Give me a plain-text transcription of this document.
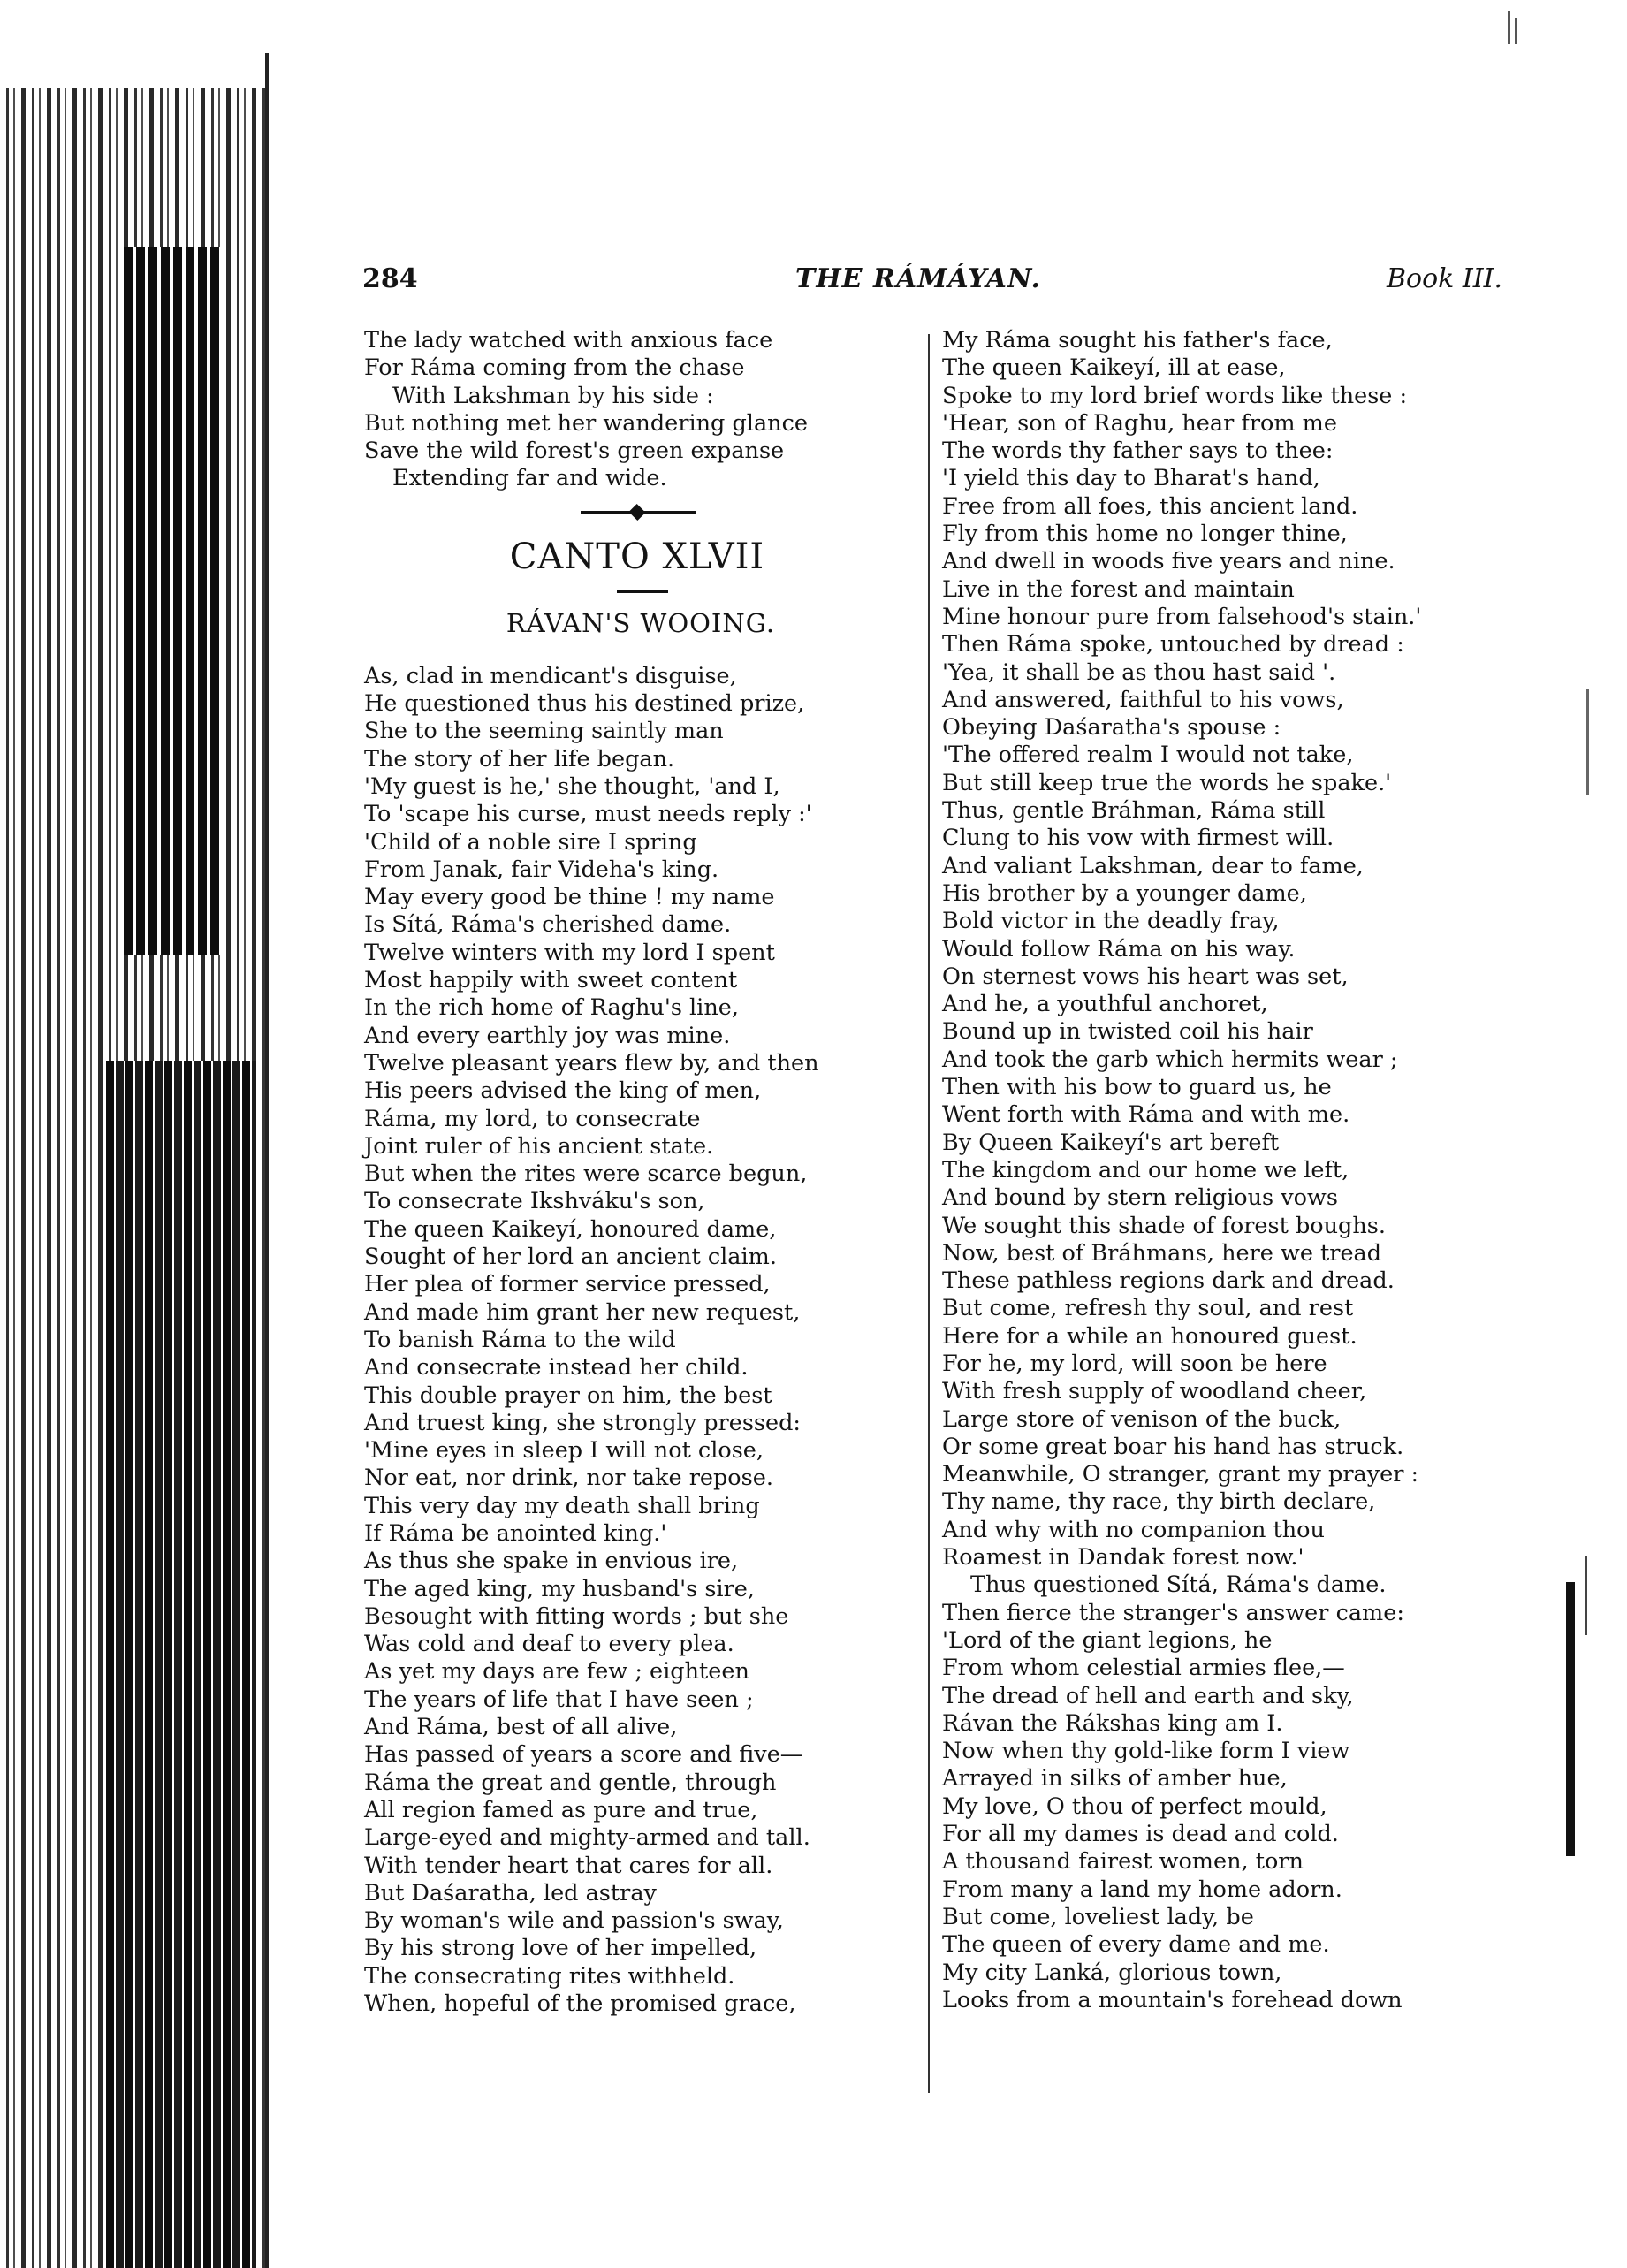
284	THE RÁMÁYAN.	Book III.
The lady watched with anxious face
For Ráma coming from the chase
With Lakshman by his side :
But nothing met her wandering glance
Save the wild forest's green expanse
Extending far and wide.
CANTO XLVII
RÁVAN'S WOOING.
As, clad in mendicant's disguise,
He questioned thus his destined prize,
She to the seeming saintly man
The story of her life began.
'My guest is he,' she thought, 'and I,
To 'scape his curse, must needs reply :'
'Child of a noble sire I spring
From Janak, fair Videha's king.
May every good be thine ! my name
Is Sítá, Ráma's cherished dame.
Twelve winters with my lord I spent
Most happily with sweet content
In the rich home of Raghu's line,
And every earthly joy was mine.
Twelve pleasant years flew by, and then
His peers advised the king of men,
Ráma, my lord, to consecrate
Joint ruler of his ancient state.
But when the rites were scarce begun,
To consecrate Ikshváku's son,
The queen Kaikeyí, honoured dame,
Sought of her lord an ancient claim.
Her plea of former service pressed,
And made him grant her new request,
To banish Ráma to the wild
And consecrate instead her child.
This double prayer on him, the best
And truest king, she strongly pressed:
'Mine eyes in sleep I will not close,
Nor eat, nor drink, nor take repose.
This very day my death shall bring
If Ráma be anointed king.'
As thus she spake in envious ire,
The aged king, my husband's sire,
Besought with fitting words ; but she
Was cold and deaf to every plea.
As yet my days are few ; eighteen
The years of life that I have seen ;
And Ráma, best of all alive,
Has passed of years a score and five—
Ráma the great and gentle, through
All region famed as pure and true,
Large-eyed and mighty-armed and tall.
With tender heart that cares for all.
But Daśaratha, led astray
By woman's wile and passion's sway,
By his strong love of her impelled,
The consecrating rites withheld.
When, hopeful of the promised grace,
My Ráma sought his father's face,
The queen Kaikeyí, ill at ease,
Spoke to my lord brief words like these :
'Hear, son of Raghu, hear from me
The words thy father says to thee:
'I yield this day to Bharat's hand,
Free from all foes, this ancient land.
Fly from this home no longer thine,
And dwell in woods five years and nine.
Live in the forest and maintain
Mine honour pure from falsehood's stain.'
Then Ráma spoke, untouched by dread :
'Yea, it shall be as thou hast said '.
And answered, faithful to his vows,
Obeying Daśaratha's spouse :
'The offered realm I would not take,
But still keep true the words he spake.'
Thus, gentle Bráhman, Ráma still
Clung to his vow with firmest will.
And valiant Lakshman, dear to fame,
His brother by a younger dame,
Bold victor in the deadly fray,
Would follow Ráma on his way.
On sternest vows his heart was set,
And he, a youthful anchoret,
Bound up in twisted coil his hair
And took the garb which hermits wear ;
Then with his bow to guard us, he
Went forth with Ráma and with me.
By Queen Kaikeyí's art bereft
The kingdom and our home we left,
And bound by stern religious vows
We sought this shade of forest boughs.
Now, best of Bráhmans, here we tread
These pathless regions dark and dread.
But come, refresh thy soul, and rest
Here for a while an honoured guest.
For he, my lord, will soon be here
With fresh supply of woodland cheer,
Large store of venison of the buck,
Or some great boar his hand has struck.
Meanwhile, O stranger, grant my prayer :
Thy name, thy race, thy birth declare,
And why with no companion thou
Roamest in Dandak forest now.'
Thus questioned Sítá, Ráma's dame.
Then fierce the stranger's answer came:
'Lord of the giant legions, he
From whom celestial armies flee,—
The dread of hell and earth and sky,
Rávan the Rákshas king am I.
Now when thy gold-like form I view
Arrayed in silks of amber hue,
My love, O thou of perfect mould,
For all my dames is dead and cold.
A thousand fairest women, torn
From many a land my home adorn.
But come, loveliest lady, be
The queen of every dame and me.
My city Lanká, glorious town,
Looks from a mountain's forehead down
